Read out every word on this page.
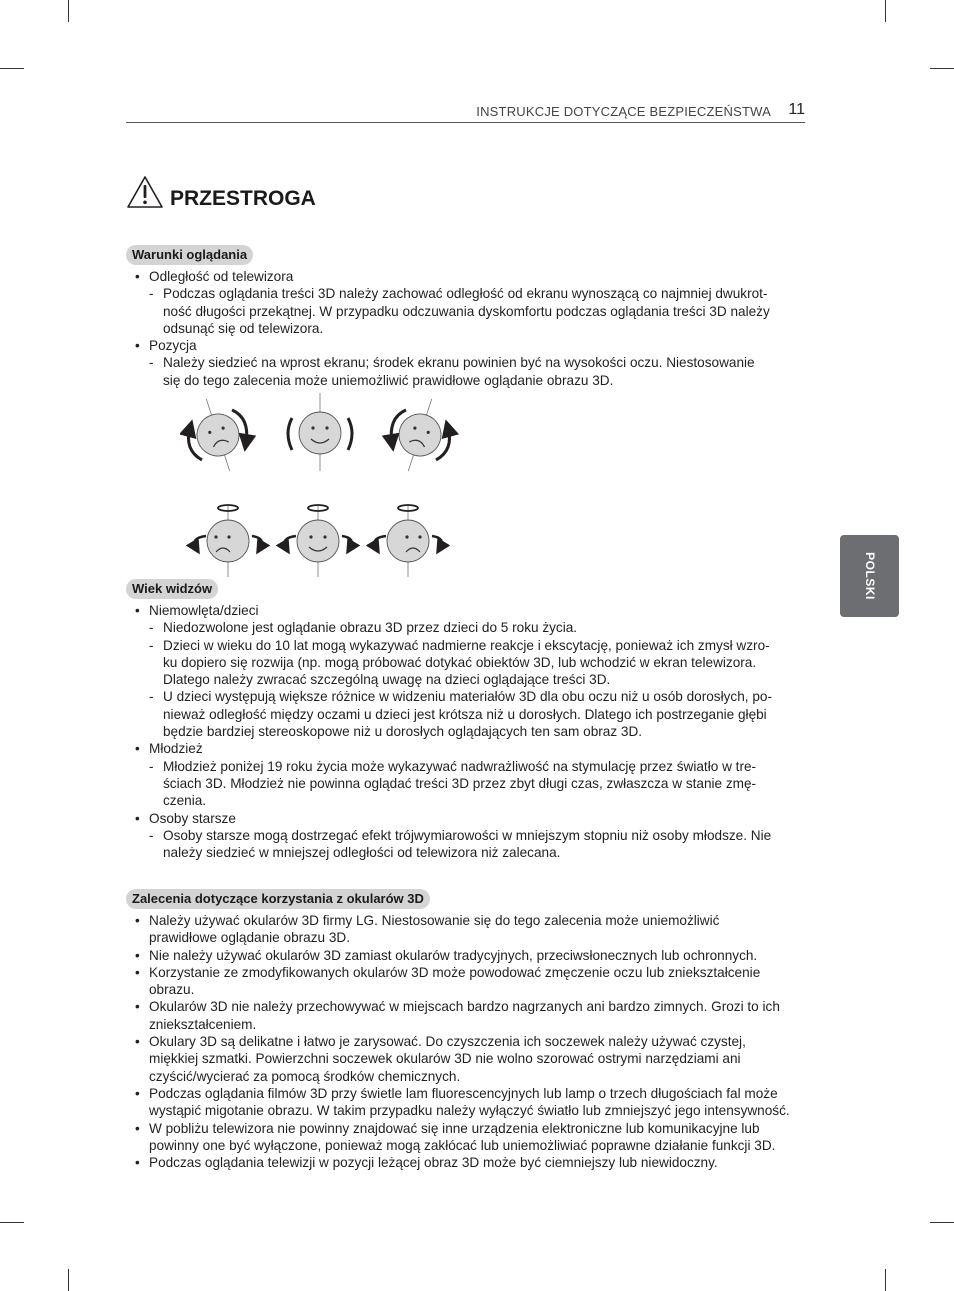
INSTRUKCJE DOTYCZĄCE BEZPIECZEŃSTWA 11
PRZESTROGA
POLSKI
Warunki oglądania
• Odległość od telewizora
- Podczas oglądania treści 3D należy zachować odległość od ekranu wynoszącą co najmniej dwukrot-
ność długości przekątnej. W przypadku odczuwania dyskomfortu podczas oglądania treści 3D należy
odsunąć się od telewizora.
• Pozycja
- Należy siedzieć na wprost ekranu; środek ekranu powinien być na wysokości oczu. Niestosowanie
się do tego zalecenia może uniemożliwić prawidłowe oglądanie obrazu 3D.
Wiek widzów
• Niemowlęta/dzieci
- Niedozwolone jest oglądanie obrazu 3D przez dzieci do 5 roku życia.
- Dzieci w wieku do 10 lat mogą wykazywać nadmierne reakcje i ekscytację, ponieważ ich zmysł wzro-
ku dopiero się rozwija (np. mogą próbować dotykać obiektów 3D, lub wchodzić w ekran telewizora.
Dlatego należy zwracać szczególną uwagę na dzieci oglądające treści 3D.
- U dzieci występują większe różnice w widzeniu materiałów 3D dla obu oczu niż u osób dorosłych, po-
nieważ odległość między oczami u dzieci jest krótsza niż u dorosłych. Dlatego ich postrzeganie głębi
będzie bardziej stereoskopowe niż u dorosłych oglądających ten sam obraz 3D.
• Młodzież
- Młodzież poniżej 19 roku życia może wykazywać nadwrażliwość na stymulację przez światło w tre-
ściach 3D. Młodzież nie powinna oglądać treści 3D przez zbyt długi czas, zwłaszcza w stanie zmę-
czenia.
• Osoby starsze
- Osoby starsze mogą dostrzegać efekt trójwymiarowości w mniejszym stopniu niż osoby młodsze. Nie
należy siedzieć w mniejszej odległości od telewizora niż zalecana.
Zalecenia dotyczące korzystania z okularów 3D
• Należy używać okularów 3D firmy LG. Niestosowanie się do tego zalecenia może uniemożliwić
prawidłowe oglądanie obrazu 3D.
• Nie należy używać okularów 3D zamiast okularów tradycyjnych, przeciwsłonecznych lub ochronnych.
• Korzystanie ze zmodyfikowanych okularów 3D może powodować zmęczenie oczu lub zniekształcenie
obrazu.
• Okularów 3D nie należy przechowywać w miejscach bardzo nagrzanych ani bardzo zimnych. Grozi to ich
zniekształceniem.
• Okulary 3D są delikatne i łatwo je zarysować. Do czyszczenia ich soczewek należy używać czystej,
miękkiej szmatki. Powierzchni soczewek okularów 3D nie wolno szorować ostrymi narzędziami ani
czyścić/wycierać za pomocą środków chemicznych.
• Podczas oglądania filmów 3D przy świetle lam fluorescencyjnych lub lamp o trzech długościach fal może
wystąpić migotanie obrazu. W takim przypadku należy wyłączyć światło lub zmniejszyć jego intensywność.
• W pobliżu telewizora nie powinny znajdować się inne urządzenia elektroniczne lub komunikacyjne lub
powinny one być wyłączone, ponieważ mogą zakłócać lub uniemożliwiać poprawne działanie funkcji 3D.
• Podczas oglądania telewizji w pozycji leżącej obraz 3D może być ciemniejszy lub niewidoczny.
